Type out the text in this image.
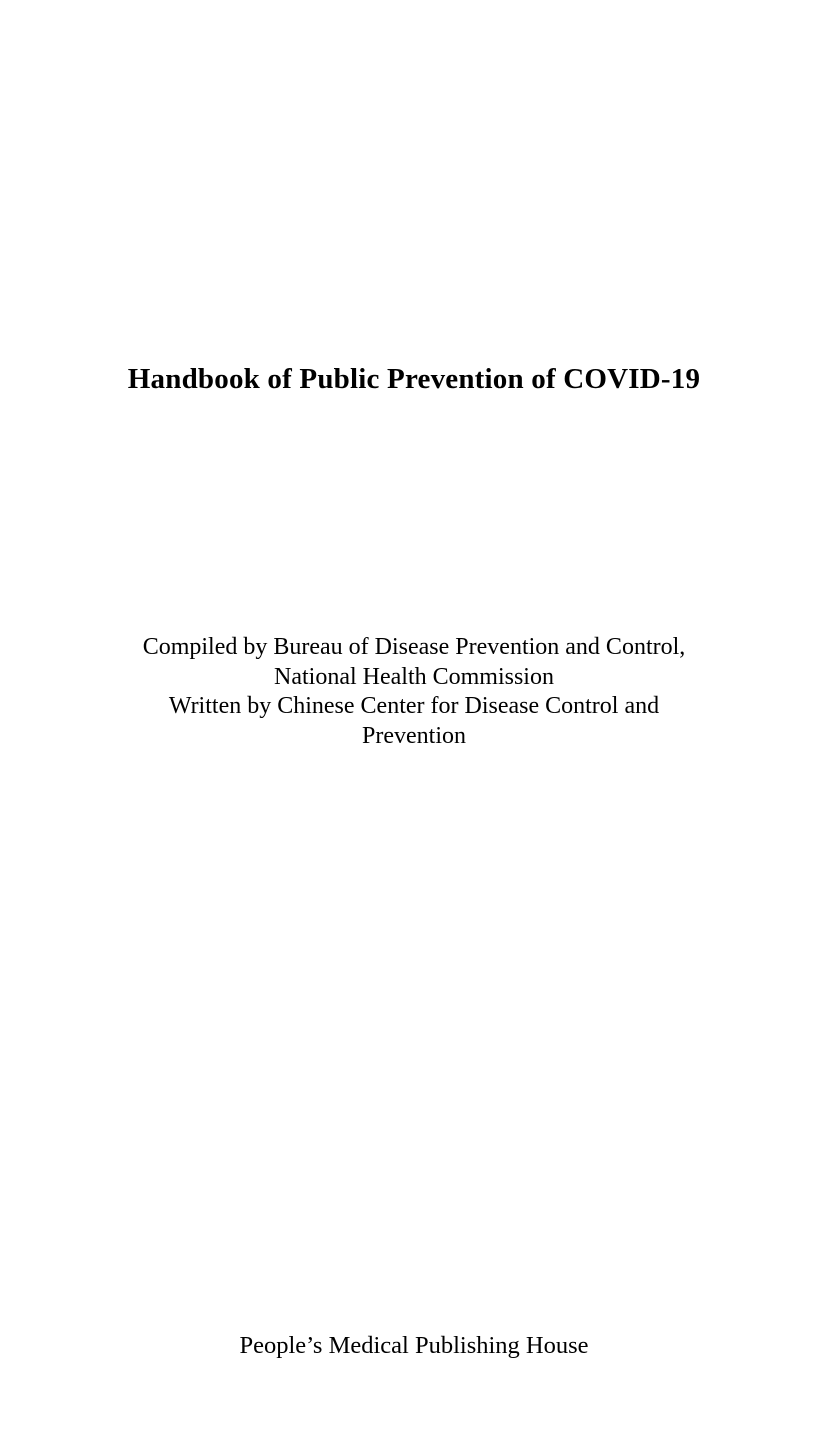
Handbook of Public Prevention of COVID-19
Compiled by Bureau of Disease Prevention and Control,
National Health Commission
Written by Chinese Center for Disease Control and
Prevention
People’s Medical Publishing House
